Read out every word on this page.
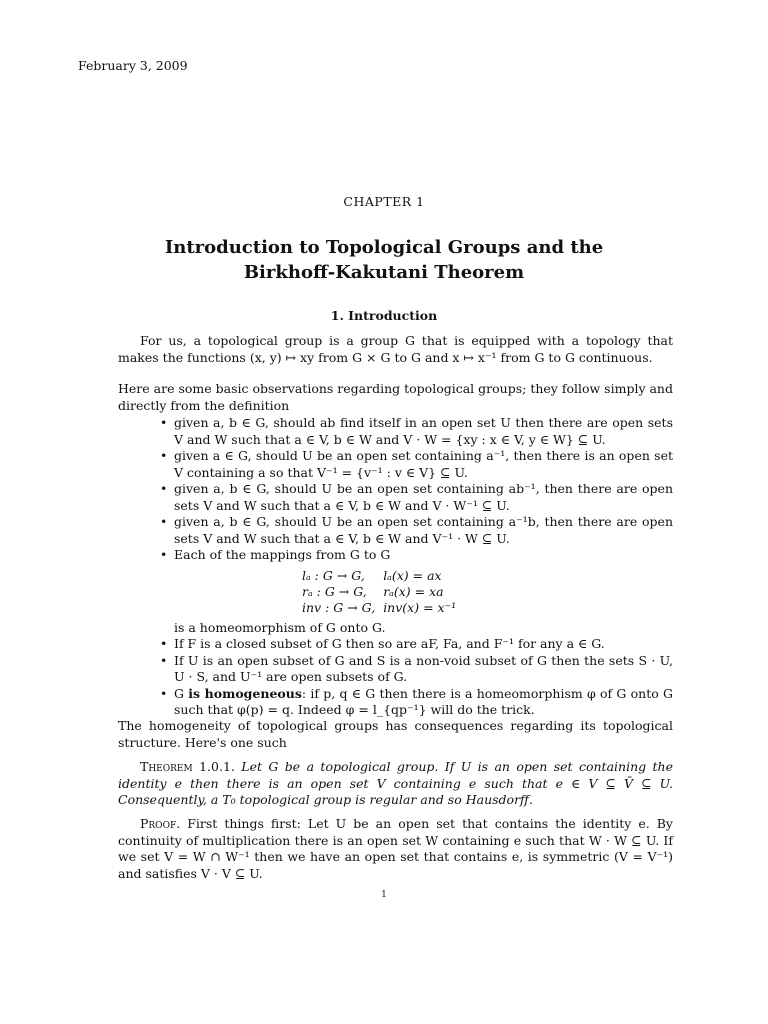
February 3, 2009
CHAPTER 1
Introduction to Topological Groups and the
Birkhoff-Kakutani Theorem
1. Introduction
For us, a topological group is a group G that is equipped with a topology that makes the functions (x, y) ↦ xy from G × G to G and x ↦ x⁻¹ from G to G continuous.
Here are some basic observations regarding topological groups; they follow simply and directly from the definition
• given a, b ∈ G, should ab find itself in an open set U then there are open sets V and W such that a ∈ V, b ∈ W and V · W = {xy : x ∈ V, y ∈ W} ⊆ U.
• given a ∈ G, should U be an open set containing a⁻¹, then there is an open set V containing a so that V⁻¹ = {v⁻¹ : v ∈ V} ⊆ U.
• given a, b ∈ G, should U be an open set containing ab⁻¹, then there are open sets V and W such that a ∈ V, b ∈ W and V · W⁻¹ ⊆ U.
• given a, b ∈ G, should U be an open set containing a⁻¹b, then there are open sets V and W such that a ∈ V, b ∈ W and V⁻¹ · W ⊆ U.
• Each of the mappings from G to G
lₐ : G → G,	lₐ(x) = ax
rₐ : G → G,	rₐ(x) = xa
inv : G → G,	inv(x) = x⁻¹
is a homeomorphism of G onto G.
• If F is a closed subset of G then so are aF, Fa, and F⁻¹ for any a ∈ G.
• If U is an open subset of G and S is a non-void subset of G then the sets S · U, U · S, and U⁻¹ are open subsets of G.
• G is homogeneous: if p, q ∈ G then there is a homeomorphism φ of G onto G such that φ(p) = q. Indeed φ = l_{qp⁻¹} will do the trick.
The homogeneity of topological groups has consequences regarding its topological structure. Here's one such
Theorem 1.0.1. Let G be a topological group. If U is an open set containing the identity e then there is an open set V containing e such that e ∈ V ⊆ V̄ ⊆ U. Consequently, a T₀ topological group is regular and so Hausdorff.
Proof. First things first: Let U be an open set that contains the identity e. By continuity of multiplication there is an open set W containing e such that W · W ⊆ U. If we set V = W ∩ W⁻¹ then we have an open set that contains e, is symmetric (V = V⁻¹) and satisfies V · V ⊆ U.
1
